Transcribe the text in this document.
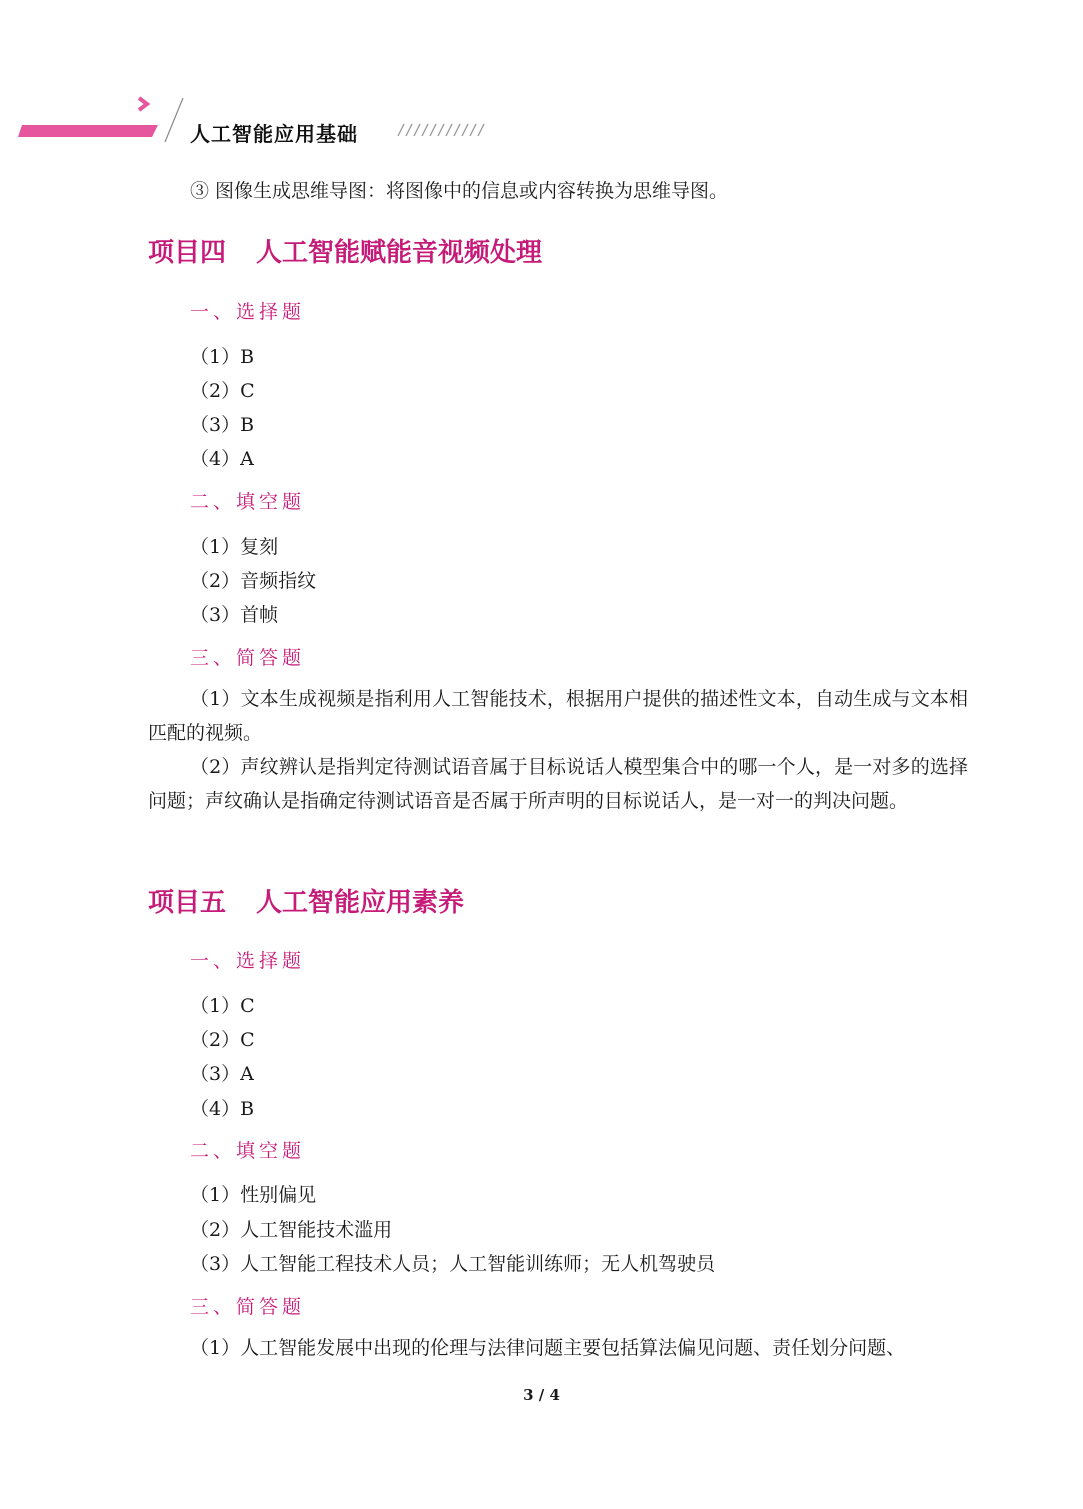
人工智能应用基础
③ 图像生成思维导图：将图像中的信息或内容转换为思维导图。
项目四 人工智能赋能音视频处理
一、选择题
（1）B
（2）C
（3）B
（4）A
二、填空题
（1）复刻
（2）音频指纹
（3）首帧
三、简答题
（1）文本生成视频是指利用人工智能技术，根据用户提供的描述性文本，自动生成与文本相匹配的视频。
（2）声纹辨认是指判定待测试语音属于目标说话人模型集合中的哪一个人，是一对多的选择问题；声纹确认是指确定待测试语音是否属于所声明的目标说话人，是一对一的判决问题。
项目五 人工智能应用素养
一、选择题
（1）C
（2）C
（3）A
（4）B
二、填空题
（1）性别偏见
（2）人工智能技术滥用
（3）人工智能工程技术人员；人工智能训练师；无人机驾驶员
三、简答题
（1）人工智能发展中出现的伦理与法律问题主要包括算法偏见问题、责任划分问题、
3 / 4
